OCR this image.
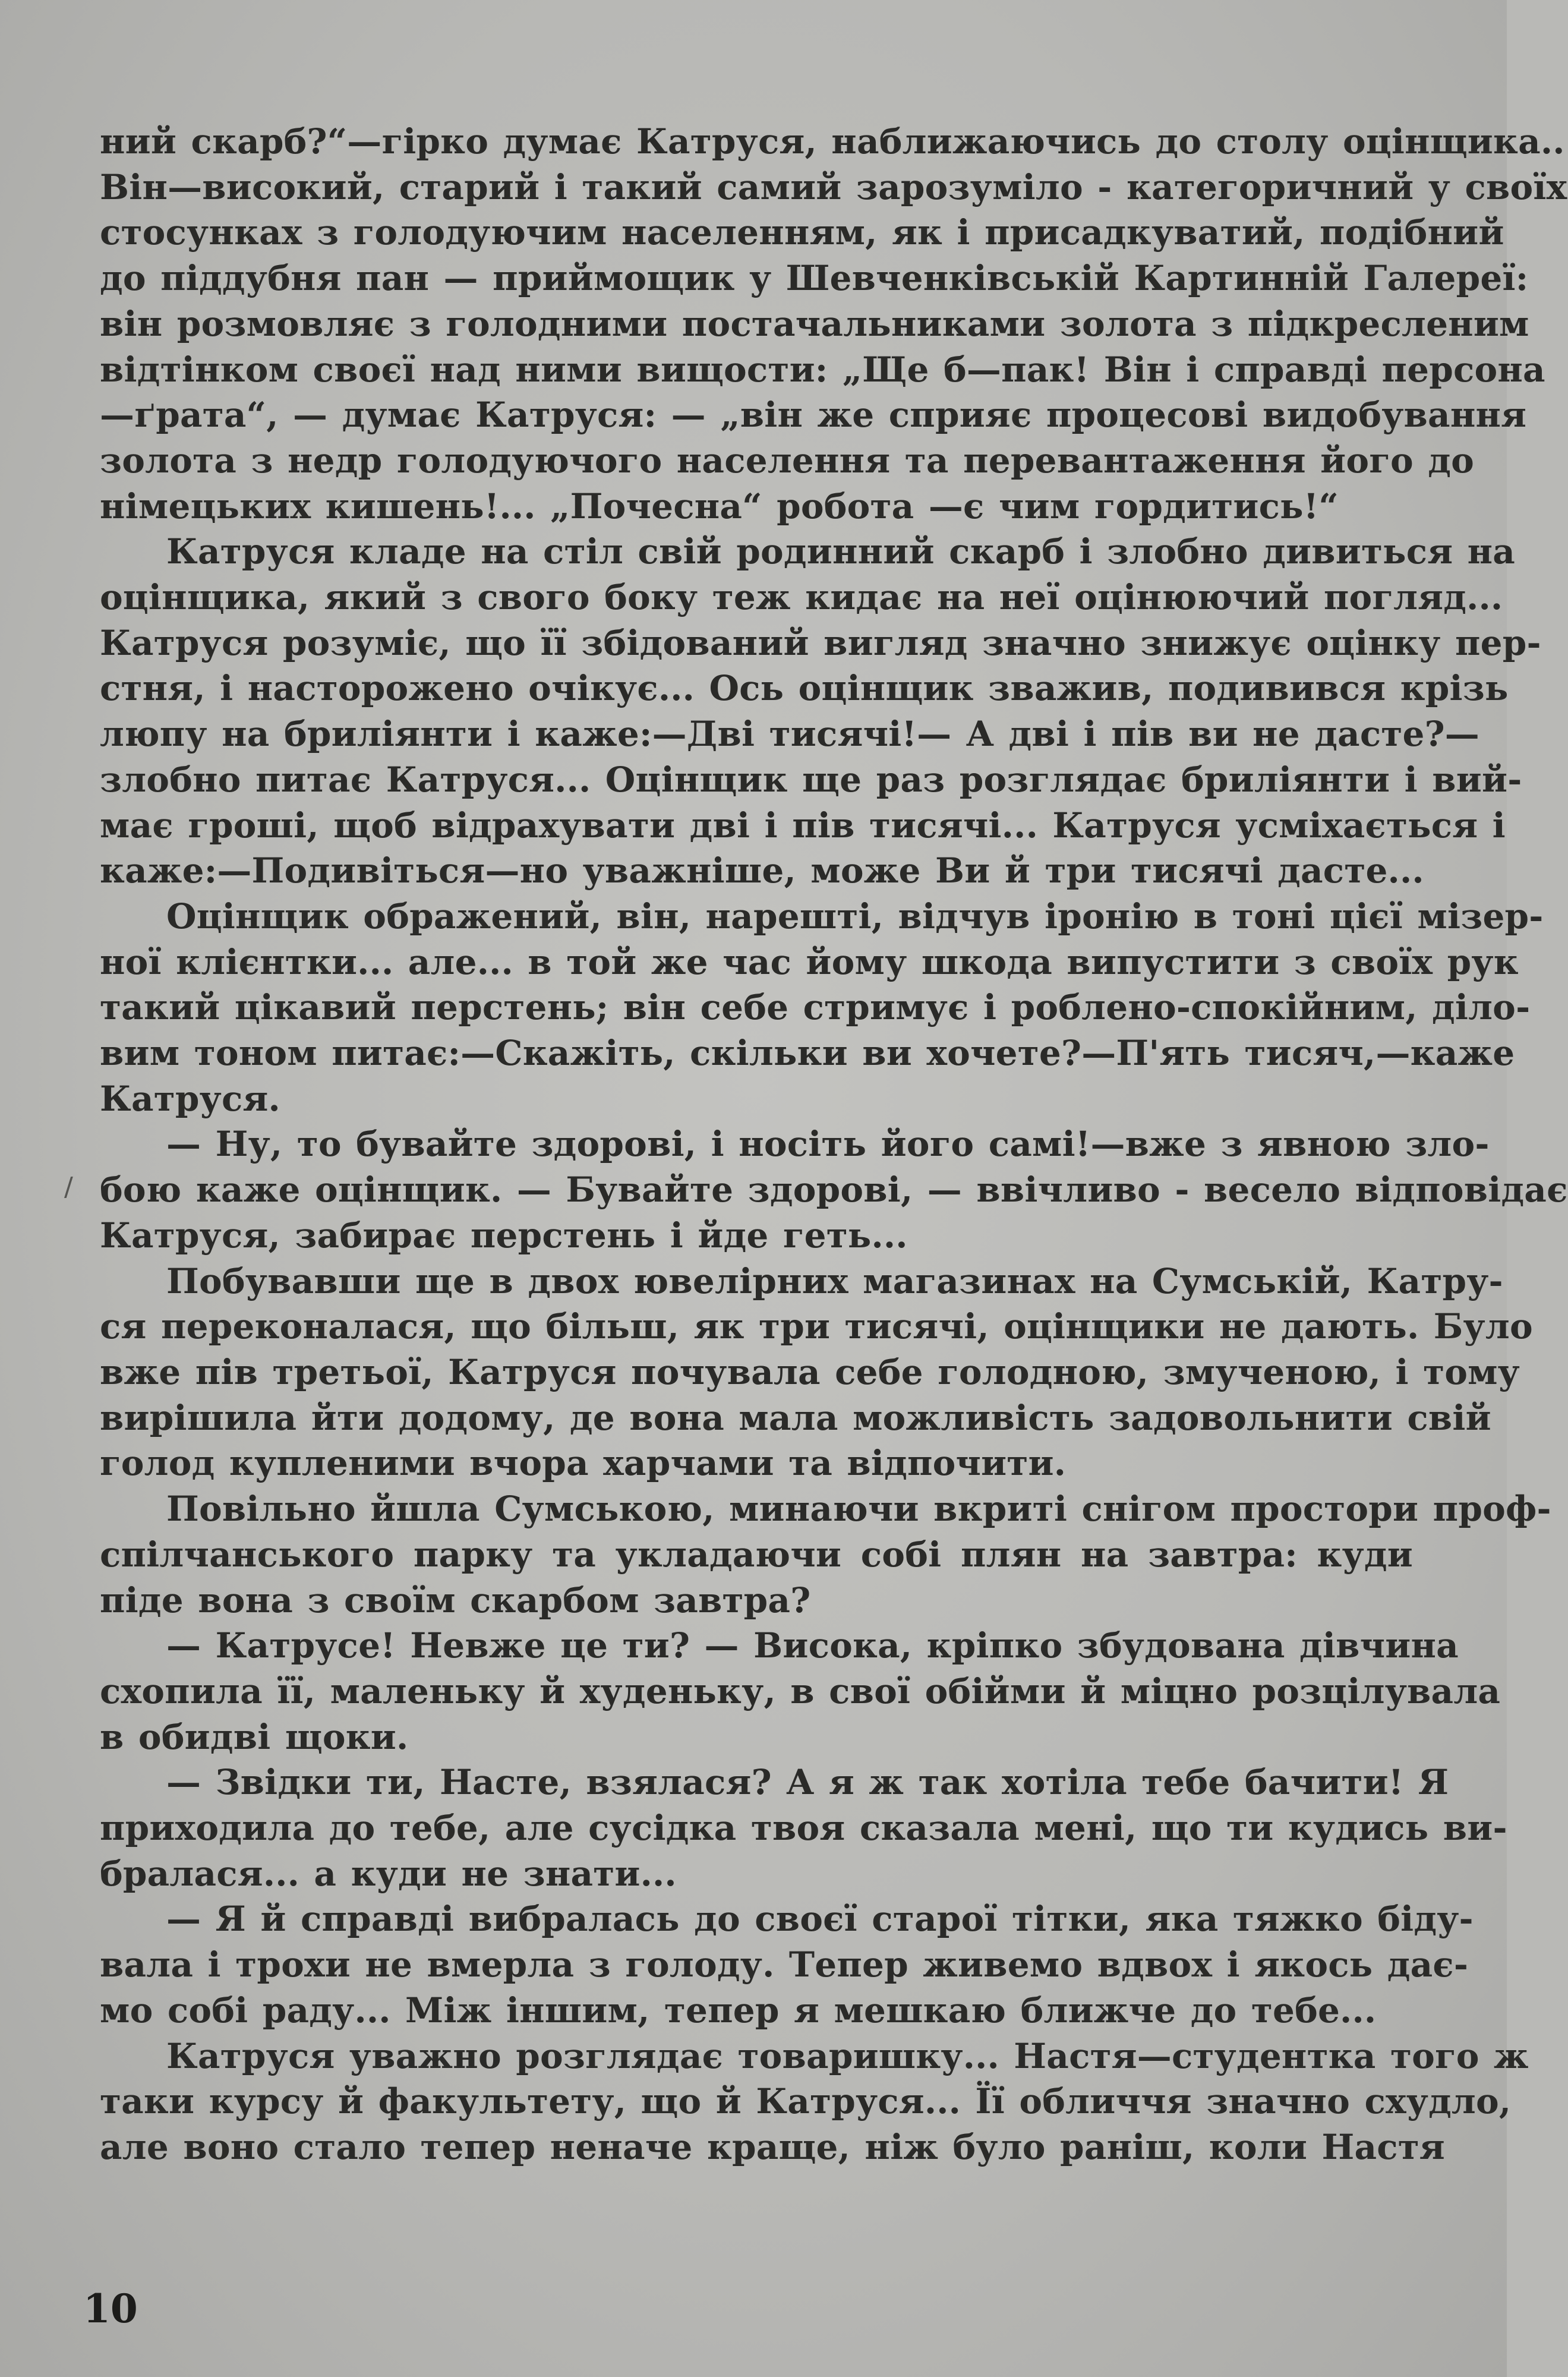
ний скарб?“—гірко думає Катруся, наближаючись до столу оцінщика..

Він—високий, старий і такий самий зарозуміло - категоричний у своїх

стосунках з голодуючим населенням, як і присадкуватий, подібний

до піддубня пан — приймощик у Шевченківській Картинній Галереї:

він розмовляє з голодними постачальниками золота з підкресленим

відтінком своєї над ними вищости: „Ще б—пак! Він і справді персона

—ґрата“, — думає Катруся: — „він же сприяє процесові видобування

золота з недр голодуючого населення та перевантаження його до

німецьких кишень!... „Почесна“ робота —є чим гордитись!“

Катруся кладе на стіл свій родинний скарб і злобно дивиться на

оцінщика, який з свого боку теж кидає на неї оцінюючий погляд...

Катруся розуміє, що її збідований вигляд значно знижує оцінку пер-

стня, і настороженo очікує... Ось оцінщик зважив, подивився крізь

люпу на бриліянти і каже:—Дві тисячі!— А дві і пів ви не дасте?—

злобно питає Катруся... Оцінщик ще раз розглядає бриліянти і вий-

має гроші, щоб відрахувати дві і пів тисячі... Катруся усміхається і

каже:—Подивіться—но уважніше, може Ви й три тисячі дасте...

Оцінщик ображений, він, нарешті, відчув іронію в тоні цієї мізер-

ної клієнтки... але... в той же час йому шкода випустити з своїх рук

такий цікавий перстень; він себе стримує і роблено-спокійним, діло-

вим тоном питає:—Скажіть, скільки ви хочете?—П'ять тисяч,—каже

Катруся.

— Ну, то бувайте здорові, і носіть його самі!—вже з явною зло-

бою каже оцінщик. — Бувайте здорові, — ввічливо - весело відповідає

Катруся, забирає перстень і йде геть...

Побувавши ще в двох ювелірних магазинах на Сумській, Катру-

ся переконалася, що більш, як три тисячі, оцінщики не дають. Було

вже пів третьої, Катруся почувала себе голодною, змученою, і тому

вирішила йти додому, де вона мала можливість задовольнити свій

голод купленими вчора харчами та відпочити.

Повільно йшла Сумською, минаючи вкриті снігом простори проф-

спілчанського парку та укладаючи собі плян на завтра: куди

піде вона з своїм скарбом завтра?

— Катрусе! Невже це ти? — Висока, кріпко збудована дівчина

схопила її, маленьку й худеньку, в свої обійми й міцно розцілувала

в обидві щоки.

— Звідки ти, Насте, взялася? А я ж так хотіла тебе бачити! Я

приходила до тебе, але сусідка твоя сказала мені, що ти кудись ви-

бралася... а куди не знати...

— Я й справді вибралась до своєї старої тітки, яка тяжко біду-

вала і трохи не вмерла з голоду. Тепер живемо вдвох і якось дає-

мо собі раду... Між іншим, тепер я мешкаю ближче до тебе...

Катруся уважно розглядає товаришку... Настя—студентка того ж

таки курсу й факультету, що й Катруся... Її обличчя значно схудло,

але воно стало тепер неначе краще, ніж було раніш, коли Настя

10
/
